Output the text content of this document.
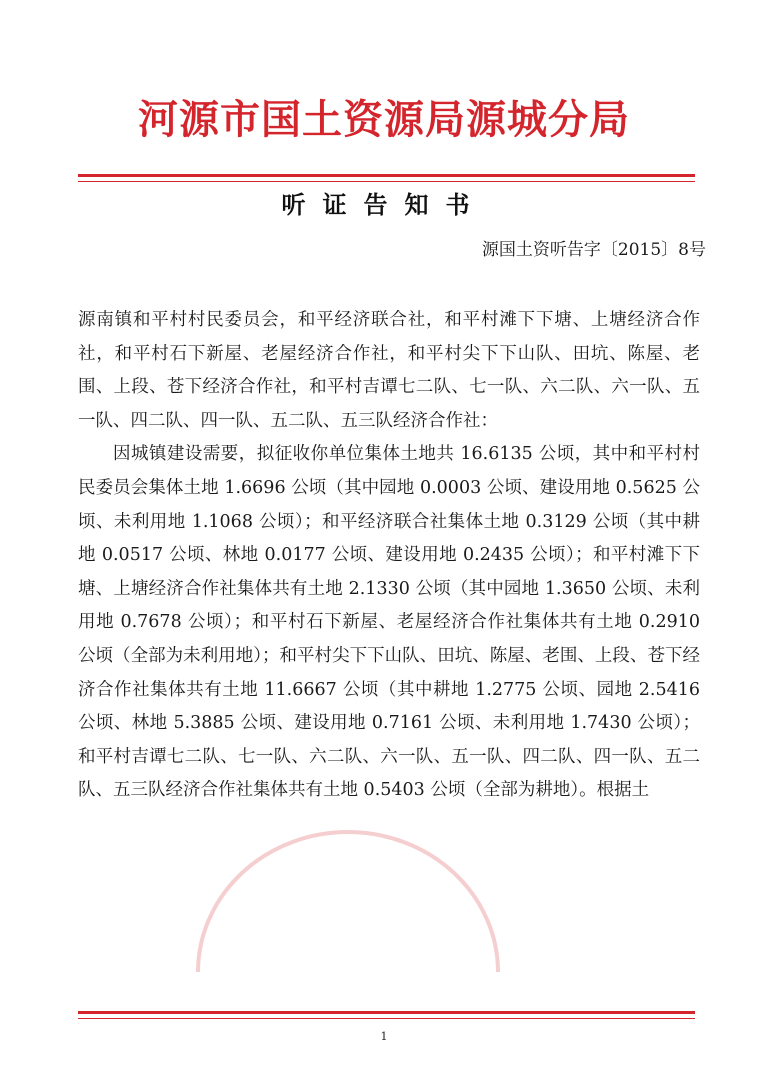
河源市国土资源局源城分局
听证告知书
源国土资听告字〔2015〕8号

源南镇和平村村民委员会，和平经济联合社，和平村滩下下塘、上塘经济合作社，和平村石下新屋、老屋经济合作社，和平村尖下下山队、田坑、陈屋、老围、上段、苍下经济合作社，和平村吉谭七二队、七一队、六二队、六一队、五一队、四二队、四一队、五二队、五三队经济合作社：

因城镇建设需要，拟征收你单位集体土地共 16.6135 公顷，其中和平村村民委员会集体土地 1.6696 公顷（其中园地 0.0003 公顷、建设用地 0.5625 公顷、未利用地 1.1068 公顷）；和平经济联合社集体土地 0.3129 公顷（其中耕地 0.0517 公顷、林地 0.0177 公顷、建设用地 0.2435 公顷）；和平村滩下下塘、上塘经济合作社集体共有土地 2.1330 公顷（其中园地 1.3650 公顷、未利用地 0.7678 公顷）；和平村石下新屋、老屋经济合作社集体共有土地 0.2910 公顷（全部为未利用地）；和平村尖下下山队、田坑、陈屋、老围、上段、苍下经济合作社集体共有土地 11.6667 公顷（其中耕地 1.2775 公顷、园地 2.5416 公顷、林地 5.3885 公顷、建设用地 0.7161 公顷、未利用地 1.7430 公顷）；和平村吉谭七二队、七一队、六二队、六一队、五一队、四二队、四一队、五二队、五三队经济合作社集体共有土地 0.5403 公顷（全部为耕地）。根据土

1
